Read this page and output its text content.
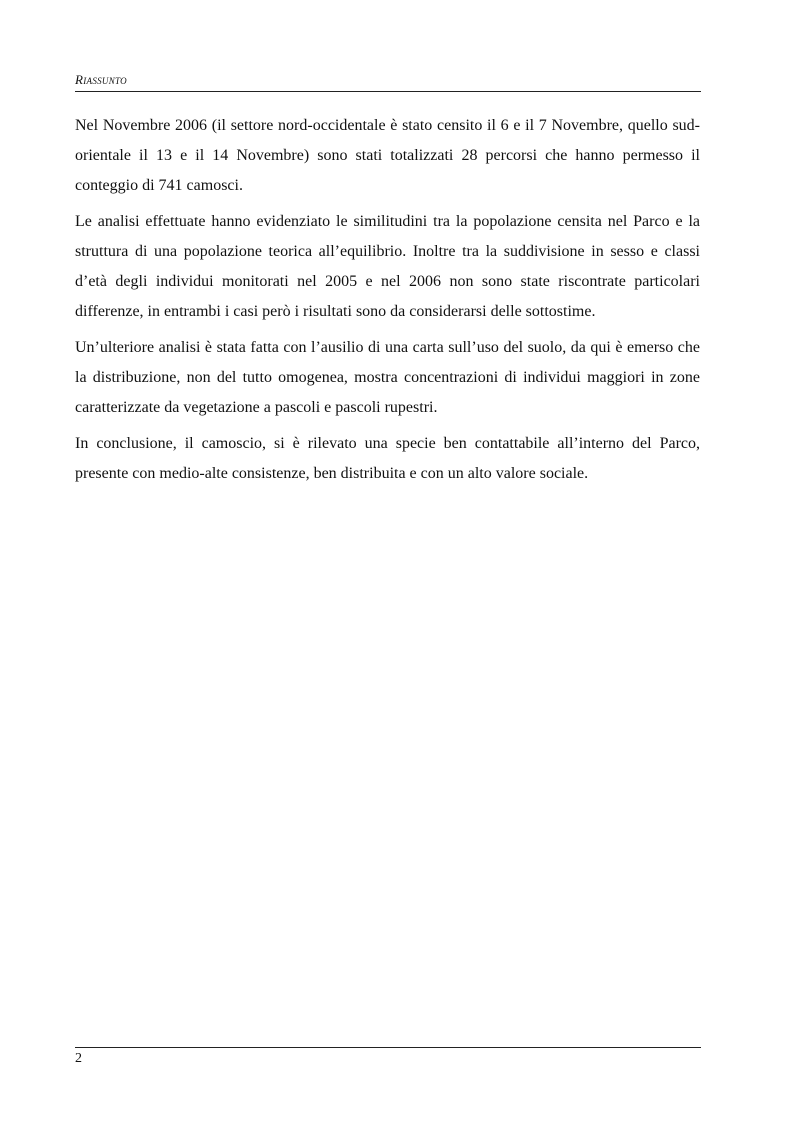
Riassunto

Nel Novembre 2006 (il settore nord-occidentale è stato censito il 6 e il 7 Novembre, quello sud-orientale il 13 e il 14 Novembre) sono stati totalizzati 28 percorsi che hanno permesso il conteggio di 741 camosci.

Le analisi effettuate hanno evidenziato le similitudini tra la popolazione censita nel Parco e la struttura di una popolazione teorica all’equilibrio. Inoltre tra la suddivisione in sesso e classi d’età degli individui monitorati nel 2005 e nel 2006 non sono state riscontrate particolari differenze, in entrambi i casi però i risultati sono da considerarsi delle sottostime.

Un’ulteriore analisi è stata fatta con l’ausilio di una carta sull’uso del suolo, da qui è emerso che la distribuzione, non del tutto omogenea, mostra concentrazioni di individui maggiori in zone caratterizzate da vegetazione a pascoli e pascoli rupestri.

In conclusione, il camoscio, si è rilevato una specie ben contattabile all’interno del Parco, presente con medio-alte consistenze, ben distribuita e con un alto valore sociale.

2
